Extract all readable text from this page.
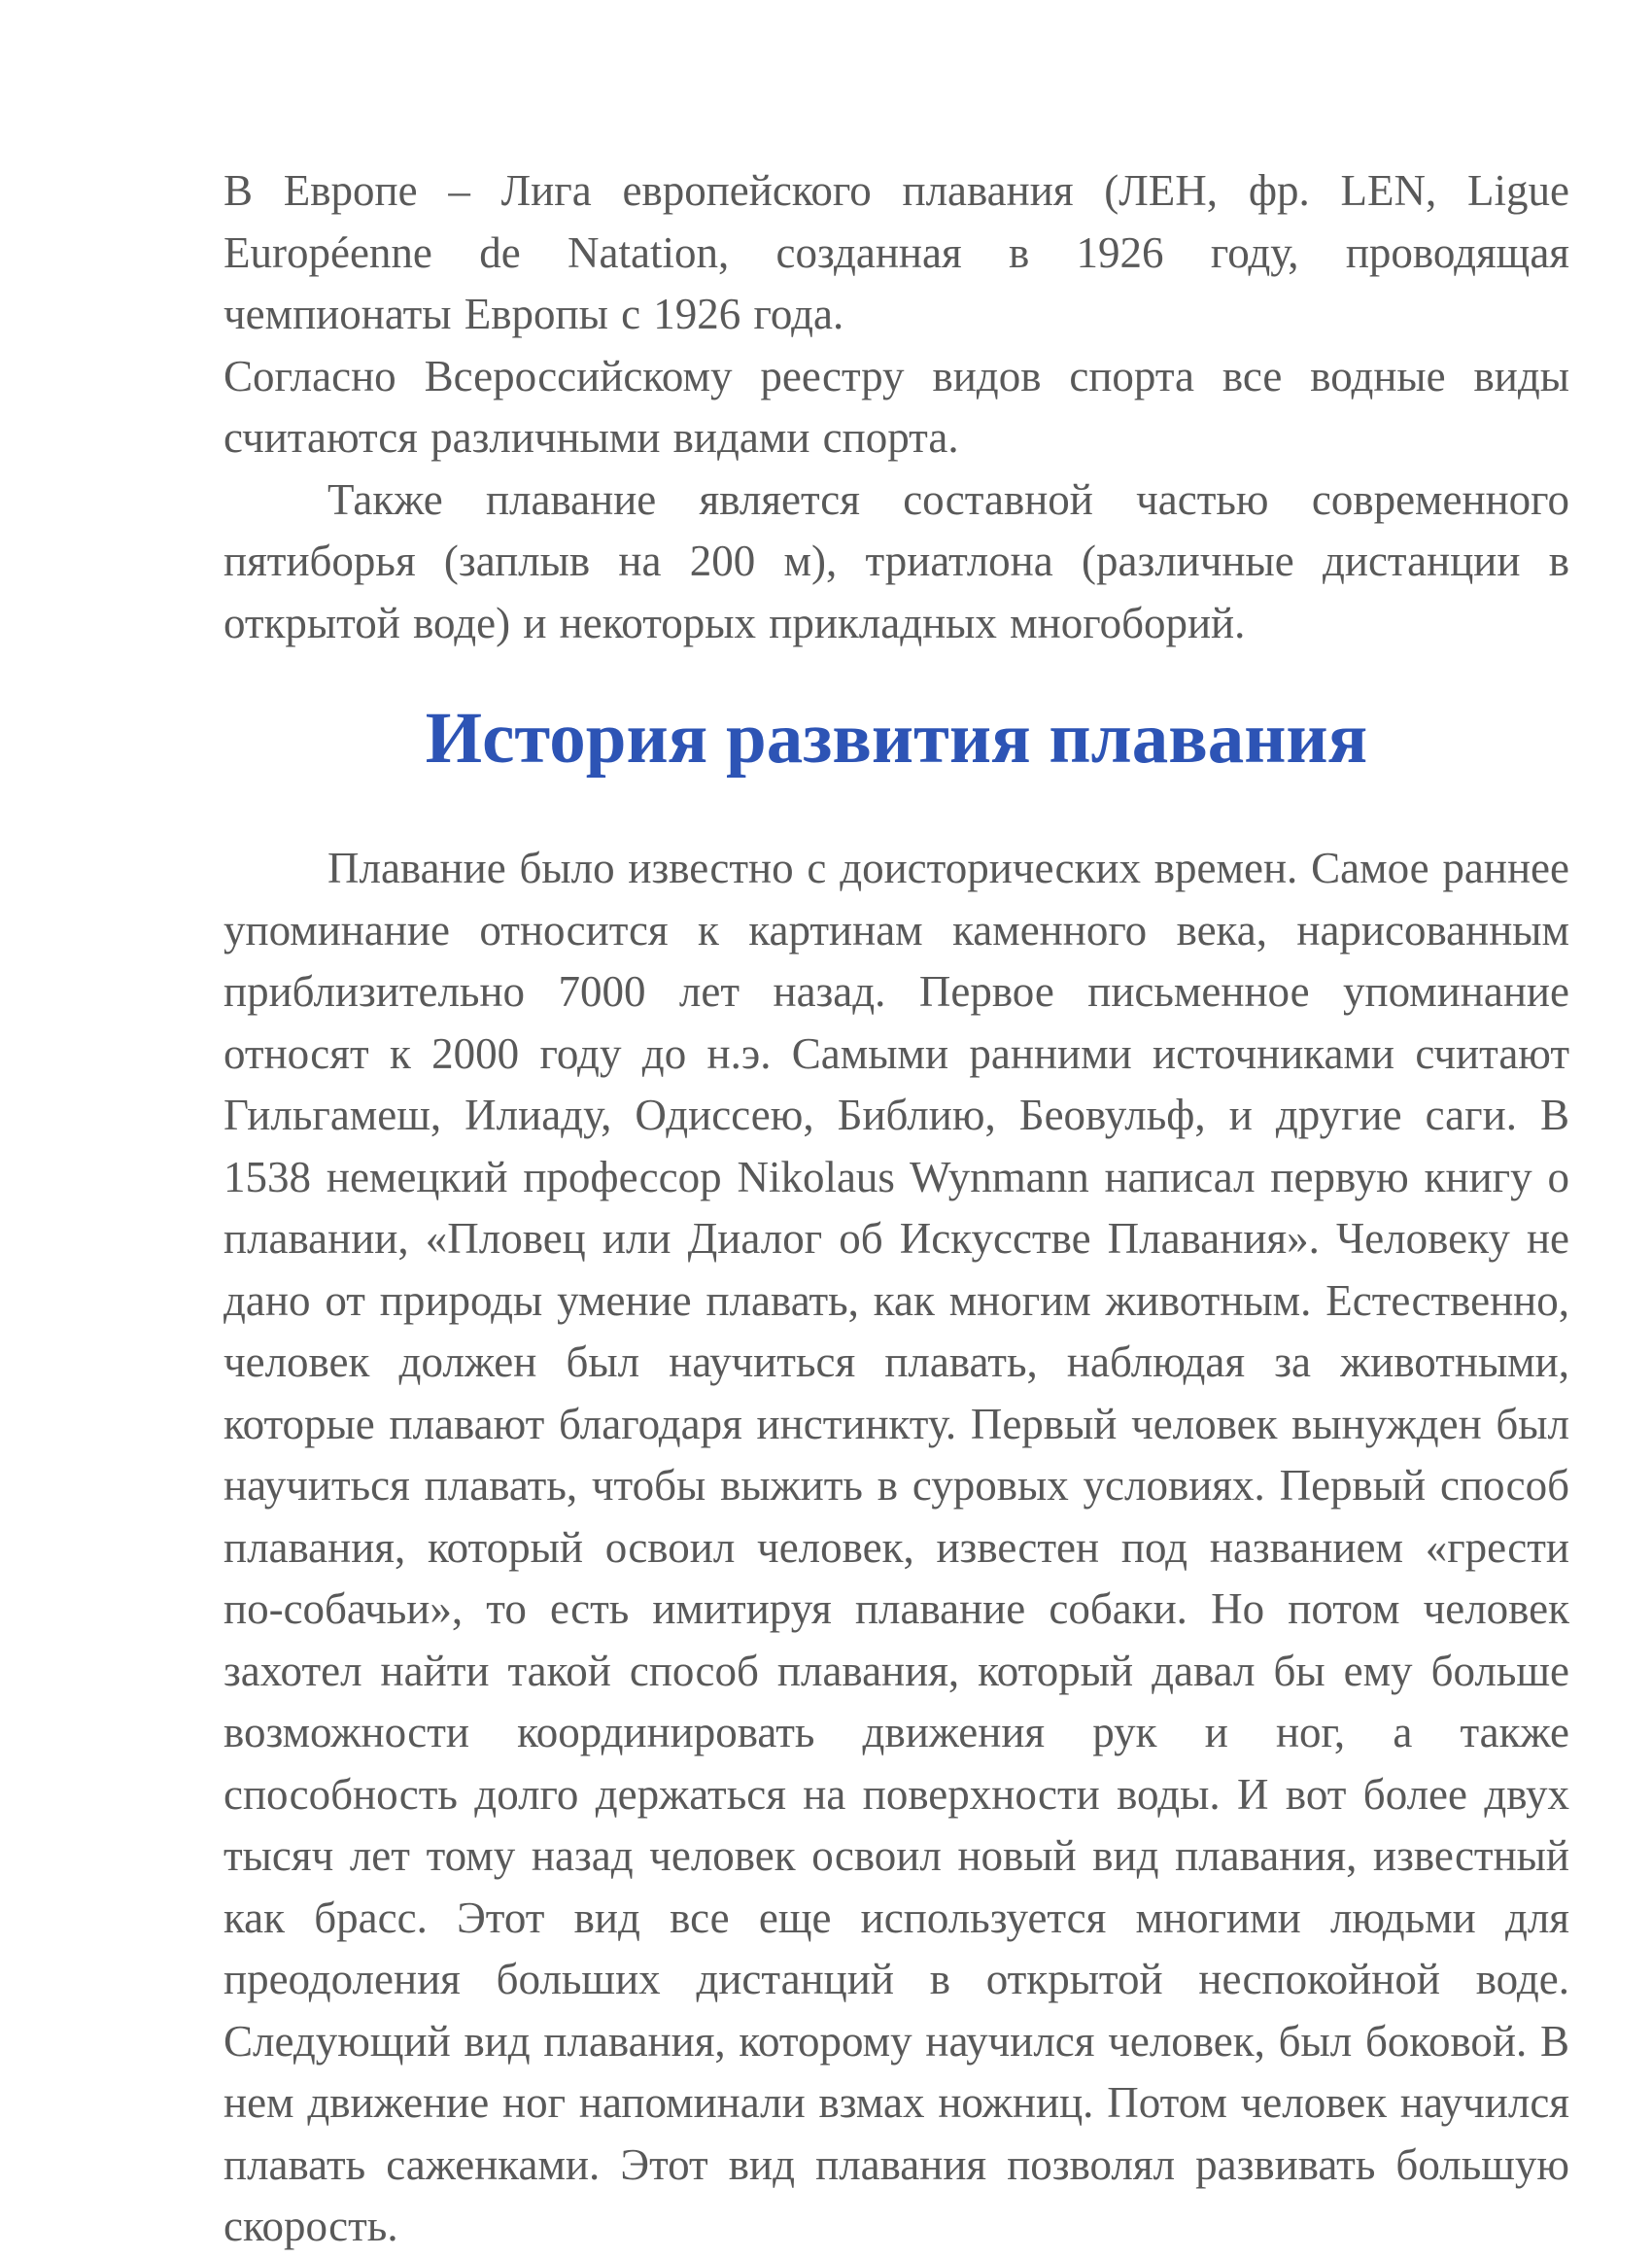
В Европе – Лига европейского плавания (ЛЕН, фр. LEN, Ligue Européenne de Natation, созданная в 1926 году, проводящая чемпионаты Европы с 1926 года.

Согласно Всероссийскому реестру видов спорта все водные виды считаются различными видами спорта.

Также плавание является составной частью современного пятиборья (заплыв на 200 м), триатлона (различные дистанции в открытой воде) и некоторых прикладных многоборий.

История развития плавания

Плавание было известно с доисторических времен. Самое раннее упоминание относится к картинам каменного века, нарисованным приблизительно 7000 лет назад. Первое письменное упоминание относят к 2000 году до н.э. Самыми ранними источниками считают Гильгамеш, Илиаду, Одиссею, Библию, Беовульф, и другие саги. В 1538 немецкий профессор Nikolaus Wynmann написал первую книгу о плавании, «Пловец или Диалог об Искусстве Плавания». Человеку не дано от природы умение плавать, как многим животным. Естественно, человек должен был научиться плавать, наблюдая за животными, которые плавают благодаря инстинкту. Первый человек вынужден был научиться плавать, чтобы выжить в суровых условиях. Первый способ плавания, который освоил человек, известен под названием «грести по-собачьи», то есть имитируя плавание собаки. Но потом человек захотел найти такой способ плавания, который давал бы ему больше возможности координировать движения рук и ног, а также способность долго держаться на поверхности воды. И вот более двух тысяч лет тому назад человек освоил новый вид плавания, известный как брасс. Этот вид все еще используется многими людьми для преодоления больших дистанций в открытой неспокойной воде. Следующий вид плавания, которому научился человек, был боковой. В нем движение ног напоминали взмах ножниц. Потом человек научился плавать саженками. Этот вид плавания позволял развивать большую скорость.
